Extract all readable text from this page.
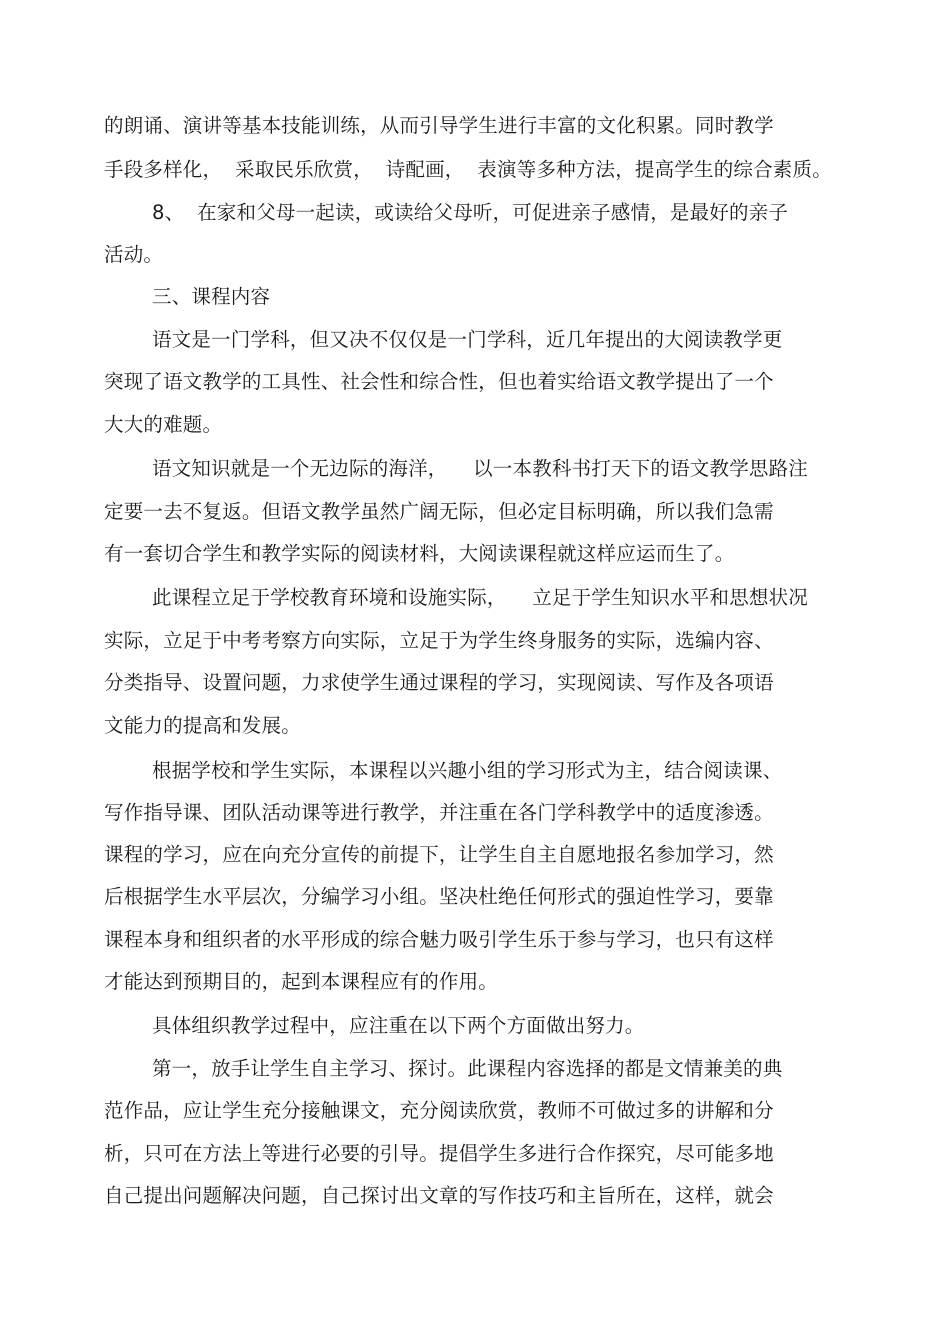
的朗诵、演讲等基本技能训练，从而引导学生进行丰富的文化积累。同时教学
手段多样化，  采取民乐欣赏，  诗配画，  表演等多种方法，提高学生的综合素质。
8、  在家和父母一起读，或读给父母听，可促进亲子感情，是最好的亲子
活动。
三、课程内容
语文是一门学科，但又决不仅仅是一门学科，近几年提出的大阅读教学更
突现了语文教学的工具性、社会性和综合性，但也着实给语文教学提出了一个
大大的难题。
语文知识就是一个无边际的海洋，    以一本教科书打天下的语文教学思路注
定要一去不复返。但语文教学虽然广阔无际，但必定目标明确，所以我们急需
有一套切合学生和教学实际的阅读材料，大阅读课程就这样应运而生了。
此课程立足于学校教育环境和设施实际，    立足于学生知识水平和思想状况
实际，立足于中考考察方向实际，立足于为学生终身服务的实际，选编内容、
分类指导、设置问题，力求使学生通过课程的学习，实现阅读、写作及各项语
文能力的提高和发展。
根据学校和学生实际，本课程以兴趣小组的学习形式为主，结合阅读课、
写作指导课、团队活动课等进行教学，并注重在各门学科教学中的适度渗透。
课程的学习，应在向充分宣传的前提下，让学生自主自愿地报名参加学习，然
后根据学生水平层次，分编学习小组。坚决杜绝任何形式的强迫性学习，要靠
课程本身和组织者的水平形成的综合魅力吸引学生乐于参与学习，也只有这样
才能达到预期目的，起到本课程应有的作用。
具体组织教学过程中，应注重在以下两个方面做出努力。
第一，放手让学生自主学习、探讨。此课程内容选择的都是文情兼美的典
范作品，应让学生充分接触课文，充分阅读欣赏，教师不可做过多的讲解和分
析，只可在方法上等进行必要的引导。提倡学生多进行合作探究，尽可能多地
自己提出问题解决问题，自己探讨出文章的写作技巧和主旨所在，这样，就会
